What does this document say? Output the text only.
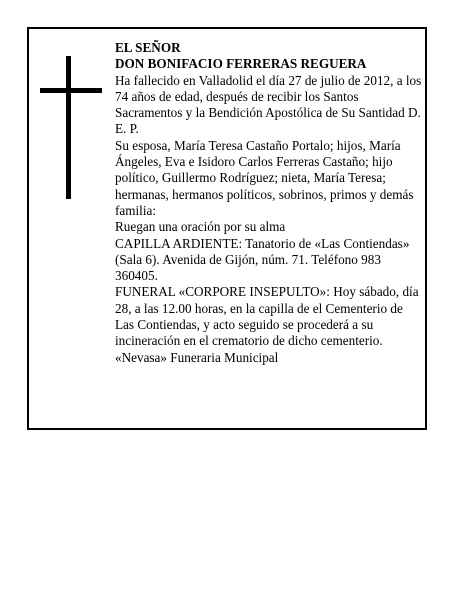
EL SEÑOR

DON BONIFACIO FERRERAS REGUERA

Ha fallecido en Valladolid el día 27 de julio de 2012, a los 74 años de edad, después de recibir los Santos Sacramentos y la Bendición Apostólica de Su Santidad D. E. P.

Su esposa, María Teresa Castaño Portalo; hijos, María Ángeles, Eva e Isidoro Carlos Ferreras Castaño; hijo político, Guillermo Rodríguez; nieta, María Teresa; hermanas, hermanos políticos, sobrinos, primos y demás familia:

Ruegan una oración por su alma

CAPILLA ARDIENTE: Tanatorio de «Las Contiendas» (Sala 6). Avenida de Gijón, núm. 71. Teléfono 983 360405.

FUNERAL «CORPORE INSEPULTO»: Hoy sábado, día 28, a las 12.00 horas, en la capilla de el Cementerio de Las Contiendas, y acto seguido se procederá a su incineración en el crematorio de dicho cementerio.

«Nevasa» Funeraria Municipal
